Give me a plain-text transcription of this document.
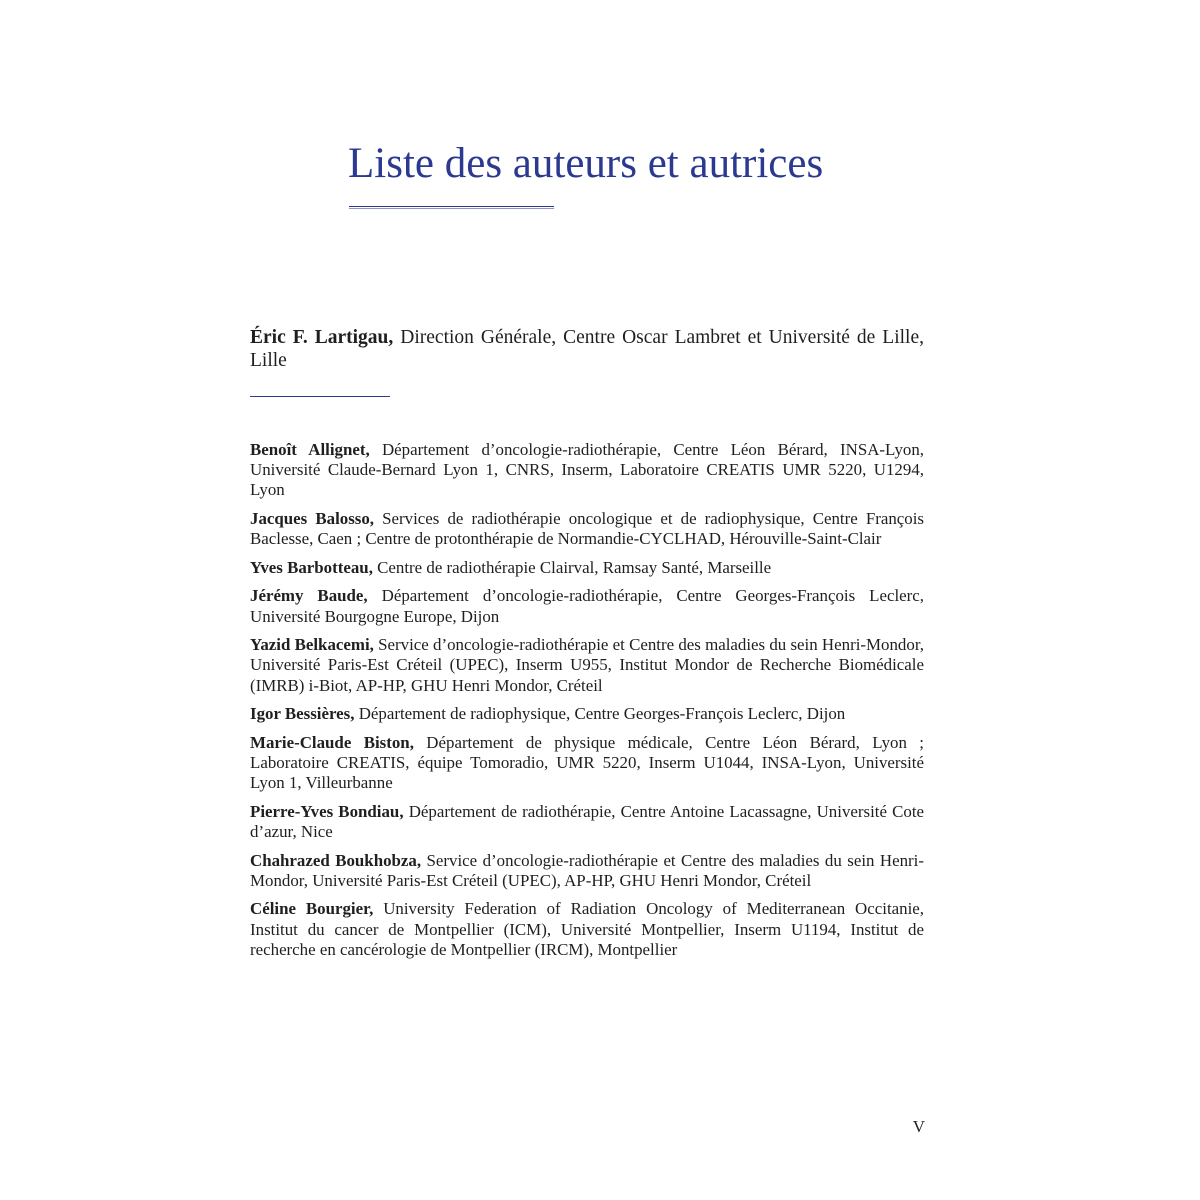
Liste des auteurs et autrices

Éric F. Lartigau, Direction Générale, Centre Oscar Lambret et Université de Lille, Lille

Benoît Allignet, Département d’oncologie-radiothérapie, Centre Léon Bérard, INSA-Lyon, Université Claude-Bernard Lyon 1, CNRS, Inserm, Laboratoire CREATIS UMR 5220, U1294, Lyon
Jacques Balosso, Services de radiothérapie oncologique et de radiophysique, Centre François Baclesse, Caen ; Centre de protonthérapie de Normandie-CYCLHAD, Hérouville-Saint-Clair
Yves Barbotteau, Centre de radiothérapie Clairval, Ramsay Santé, Marseille
Jérémy Baude, Département d’oncologie-radiothérapie, Centre Georges-François Leclerc, Université Bourgogne Europe, Dijon
Yazid Belkacemi, Service d’oncologie-radiothérapie et Centre des maladies du sein Henri-Mondor, Université Paris-Est Créteil (UPEC), Inserm U955, Institut Mondor de Recherche Biomédicale (IMRB) i-Biot, AP-HP, GHU Henri Mondor, Créteil
Igor Bessières, Département de radiophysique, Centre Georges-François Leclerc, Dijon
Marie-Claude Biston, Département de physique médicale, Centre Léon Bérard, Lyon ; Laboratoire CREATIS, équipe Tomoradio, UMR 5220, Inserm U1044, INSA-Lyon, Université Lyon 1, Villeurbanne
Pierre-Yves Bondiau, Département de radiothérapie, Centre Antoine Lacassagne, Université Cote d’azur, Nice
Chahrazed Boukhobza, Service d’oncologie-radiothérapie et Centre des maladies du sein Henri-Mondor, Université Paris-Est Créteil (UPEC), AP-HP, GHU Henri Mondor, Créteil
Céline Bourgier, University Federation of Radiation Oncology of Mediterranean Occitanie, Institut du cancer de Montpellier (ICM), Université Montpellier, Inserm U1194, Institut de recherche en cancérologie de Montpellier (IRCM), Montpellier
V
